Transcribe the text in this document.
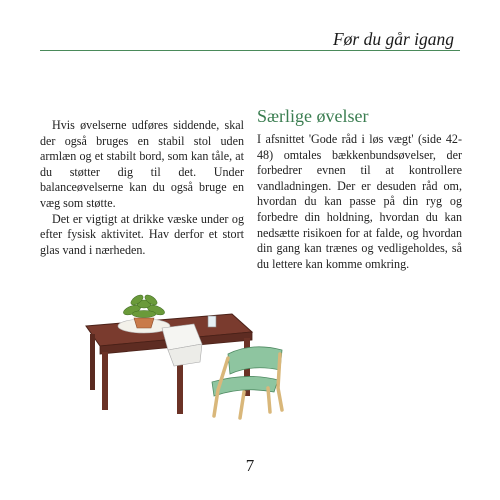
Før du går igang

Hvis øvelserne udføres siddende, skal der også bruges en stabil stol uden armlæn og et stabilt bord, som kan tåle, at du støtter dig til det. Under balanceøvelserne kan du også bruge en væg som støtte.

Det er vigtigt at drikke væske under og efter fysisk aktivitet. Hav derfor et stort glas vand i nærheden.

Særlige øvelser

I afsnittet 'Gode råd i løs vægt' (side 42-48) omtales bækkenbundsøvelser, der forbedrer evnen til at kontrollere vandladningen. Der er desuden råd om, hvordan du kan passe på din ryg og forbedre din holdning, hvordan du kan nedsætte risikoen for at falde, og hvordan din gang kan trænes og vedligeholdes, så du lettere kan komme omkring.

7
